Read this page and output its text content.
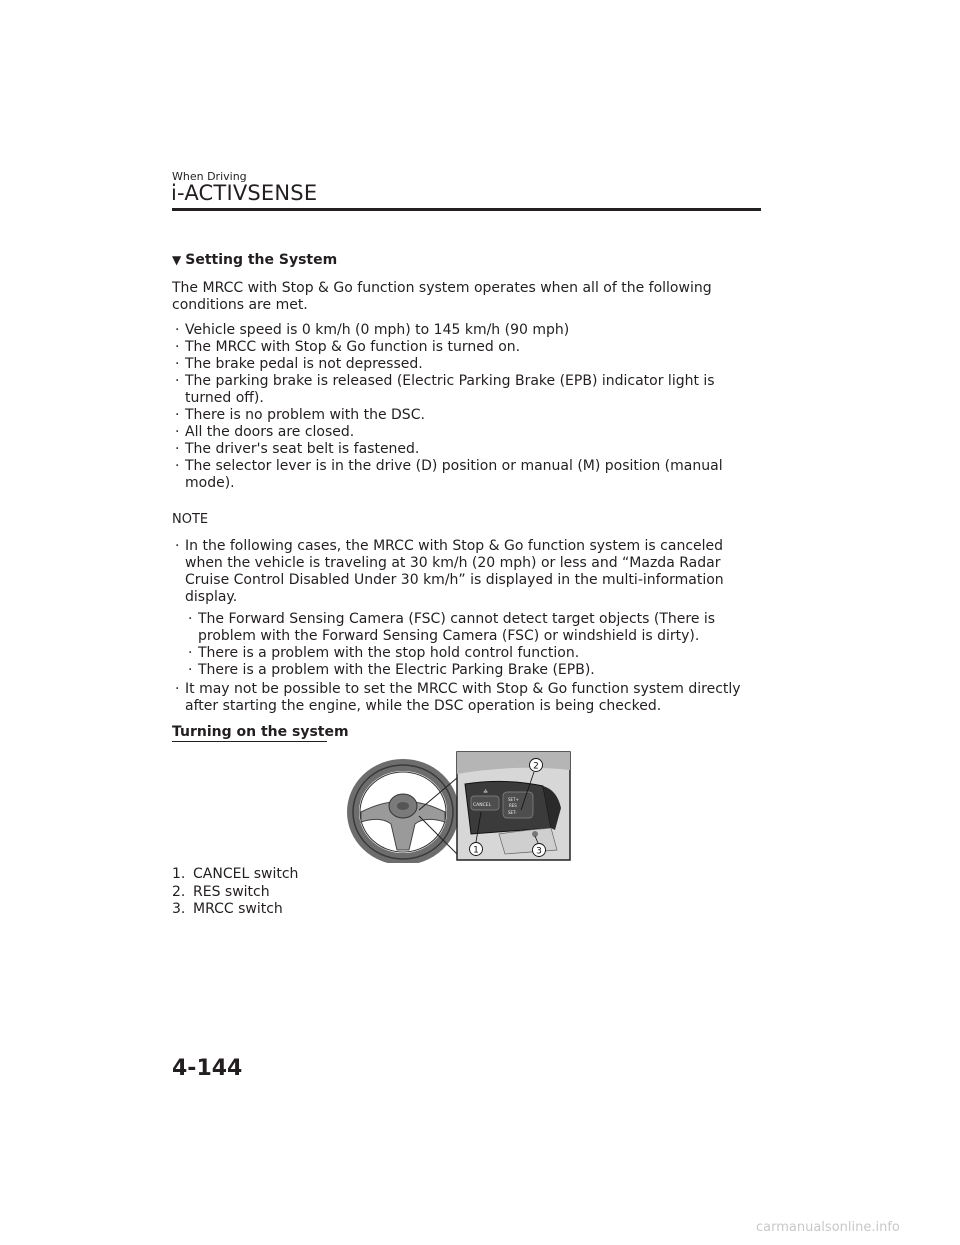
When Driving
i-ACTIVSENSE
▼ Setting the System
The MRCC with Stop & Go function system operates when all of the following conditions are met.
· Vehicle speed is 0 km/h (0 mph) to 145 km/h (90 mph)
· The MRCC with Stop & Go function is turned on.
· The brake pedal is not depressed.
· The parking brake is released (Electric Parking Brake (EPB) indicator light is turned off).
· There is no problem with the DSC.
· All the doors are closed.
· The driver's seat belt is fastened.
· The selector lever is in the drive (D) position or manual (M) position (manual mode).
NOTE
· In the following cases, the MRCC with Stop & Go function system is canceled when the vehicle is traveling at 30 km/h (20 mph) or less and “Mazda Radar Cruise Control Disabled Under 30 km/h” is displayed in the multi-information display.
· The Forward Sensing Camera (FSC) cannot detect target objects (There is problem with the Forward Sensing Camera (FSC) or windshield is dirty).
· There is a problem with the stop hold control function.
· There is a problem with the Electric Parking Brake (EPB).
· It may not be possible to set the MRCC with Stop & Go function system directly after starting the engine, while the DSC operation is being checked.
Turning on the system
CANCEL
SET+
RES
SET-
≙
1
2
3
1. CANCEL switch
2. RES switch
3. MRCC switch
4-144
carmanualsonline.info
